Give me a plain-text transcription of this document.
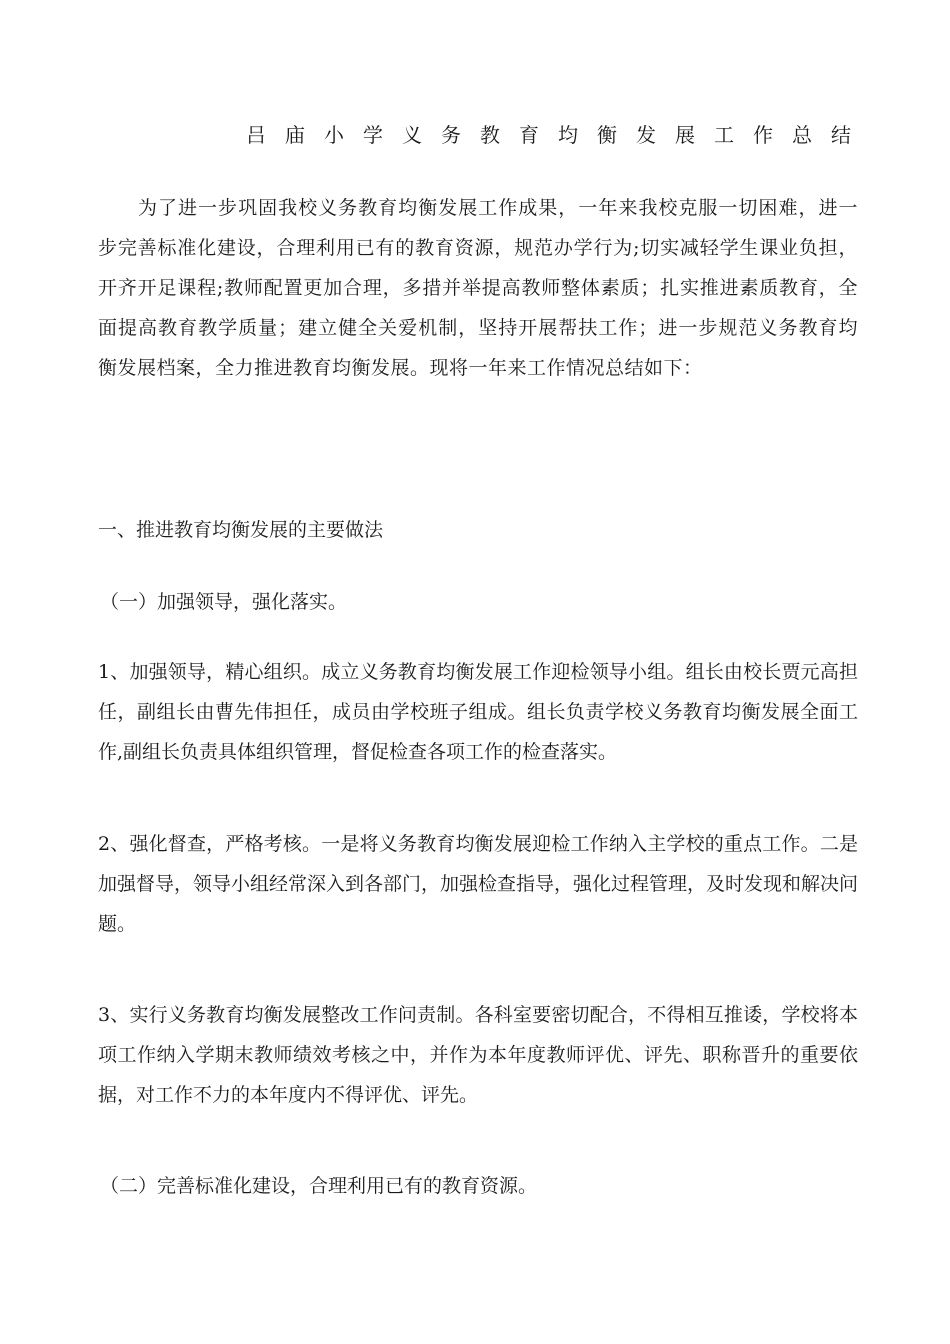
吕庙小学义务教育均衡发展工作总结

为了进一步巩固我校义务教育均衡发展工作成果，一年来我校克服一切困难，进一步完善标准化建设，合理利用已有的教育资源，规范办学行为;切实减轻学生课业负担，开齐开足课程;教师配置更加合理，多措并举提高教师整体素质；扎实推进素质教育，全面提高教育教学质量；建立健全关爱机制，坚持开展帮扶工作；进一步规范义务教育均衡发展档案，全力推进教育均衡发展。现将一年来工作情况总结如下：

一、推进教育均衡发展的主要做法

（一）加强领导，强化落实。

1、加强领导，精心组织。成立义务教育均衡发展工作迎检领导小组。组长由校长贾元高担任，副组长由曹先伟担任，成员由学校班子组成。组长负责学校义务教育均衡发展全面工作,副组长负责具体组织管理，督促检查各项工作的检查落实。

2、强化督查，严格考核。一是将义务教育均衡发展迎检工作纳入主学校的重点工作。二是加强督导，领导小组经常深入到各部门，加强检查指导，强化过程管理，及时发现和解决问题。

3、实行义务教育均衡发展整改工作问责制。各科室要密切配合，不得相互推诿，学校将本项工作纳入学期末教师绩效考核之中，并作为本年度教师评优、评先、职称晋升的重要依据，对工作不力的本年度内不得评优、评先。

（二）完善标准化建设，合理利用已有的教育资源。
